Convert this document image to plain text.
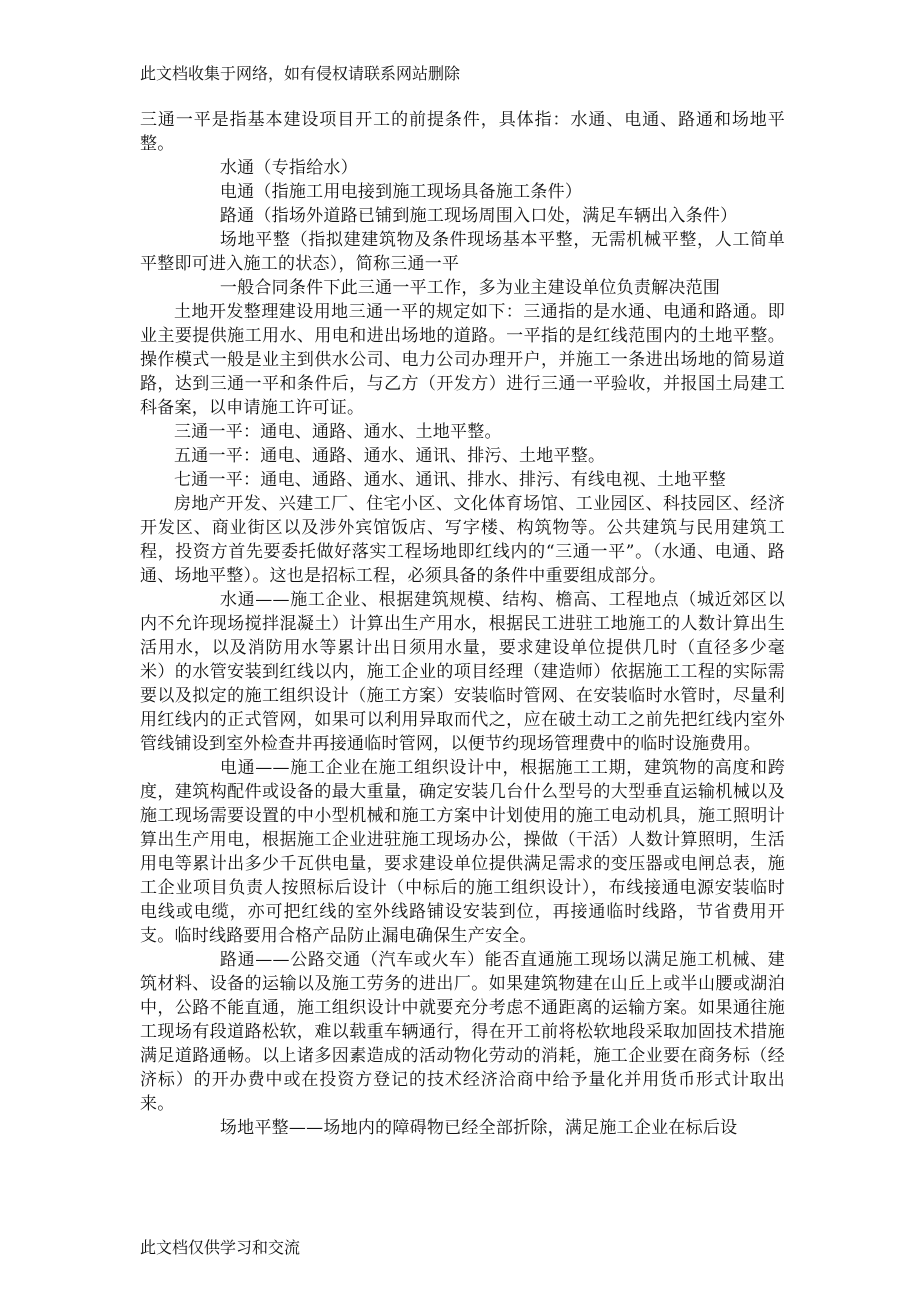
此文档收集于网络，如有侵权请联系网站删除

三通一平是指基本建设项目开工的前提条件，具体指：水通、电通、路通和场地平整。

水通（专指给水）

电通（指施工用电接到施工现场具备施工条件）

路通（指场外道路已铺到施工现场周围入口处，满足车辆出入条件）

场地平整（指拟建建筑物及条件现场基本平整，无需机械平整，人工简单平整即可进入施工的状态），简称三通一平

一般合同条件下此三通一平工作，多为业主建设单位负责解决范围

土地开发整理建设用地三通一平的规定如下：三通指的是水通、电通和路通。即业主要提供施工用水、用电和进出场地的道路。一平指的是红线范围内的土地平整。操作模式一般是业主到供水公司、电力公司办理开户，并施工一条进出场地的简易道路，达到三通一平和条件后，与乙方（开发方）进行三通一平验收，并报国土局建工科备案，以申请施工许可证。

三通一平：通电、通路、通水、土地平整。

五通一平：通电、通路、通水、通讯、排污、土地平整。

七通一平：通电、通路、通水、通讯、排水、排污、有线电视、土地平整

房地产开发、兴建工厂、住宅小区、文化体育场馆、工业园区、科技园区、经济开发区、商业街区以及涉外宾馆饭店、写字楼、构筑物等。公共建筑与民用建筑工程，投资方首先要委托做好落实工程场地即红线内的“三通一平”。（水通、电通、路通、场地平整）。这也是招标工程，必须具备的条件中重要组成部分。

水通——施工企业、根据建筑规模、结构、檐高、工程地点（城近郊区以内不允许现场搅拌混凝土）计算出生产用水，根据民工进驻工地施工的人数计算出生活用水，以及消防用水等累计出日须用水量，要求建设单位提供几时（直径多少毫米）的水管安装到红线以内，施工企业的项目经理（建造师）依据施工工程的实际需要以及拟定的施工组织设计（施工方案）安装临时管网、在安装临时水管时，尽量利用红线内的正式管网，如果可以利用异取而代之，应在破土动工之前先把红线内室外管线铺设到室外检查井再接通临时管网，以便节约现场管理费中的临时设施费用。

电通——施工企业在施工组织设计中，根据施工工期，建筑物的高度和跨度，建筑构配件或设备的最大重量，确定安装几台什么型号的大型垂直运输机械以及施工现场需要设置的中小型机械和施工方案中计划使用的施工电动机具，施工照明计算出生产用电，根据施工企业进驻施工现场办公，操做（干活）人数计算照明，生活用电等累计出多少千瓦供电量，要求建设单位提供满足需求的变压器或电闸总表，施工企业项目负责人按照标后设计（中标后的施工组织设计），布线接通电源安装临时电线或电缆，亦可把红线的室外线路铺设安装到位，再接通临时线路，节省费用开支。临时线路要用合格产品防止漏电确保生产安全。

路通——公路交通（汽车或火车）能否直通施工现场以满足施工机械、建筑材料、设备的运输以及施工劳务的进出厂。如果建筑物建在山丘上或半山腰或湖泊中，公路不能直通，施工组织设计中就要充分考虑不通距离的运输方案。如果通往施工现场有段道路松软，难以载重车辆通行，得在开工前将松软地段采取加固技术措施满足道路通畅。以上诸多因素造成的活动物化劳动的消耗，施工企业要在商务标（经济标）的开办费中或在投资方登记的技术经济洽商中给予量化并用货币形式计取出来。

场地平整——场地内的障碍物已经全部折除，满足施工企业在标后设

此文档仅供学习和交流
